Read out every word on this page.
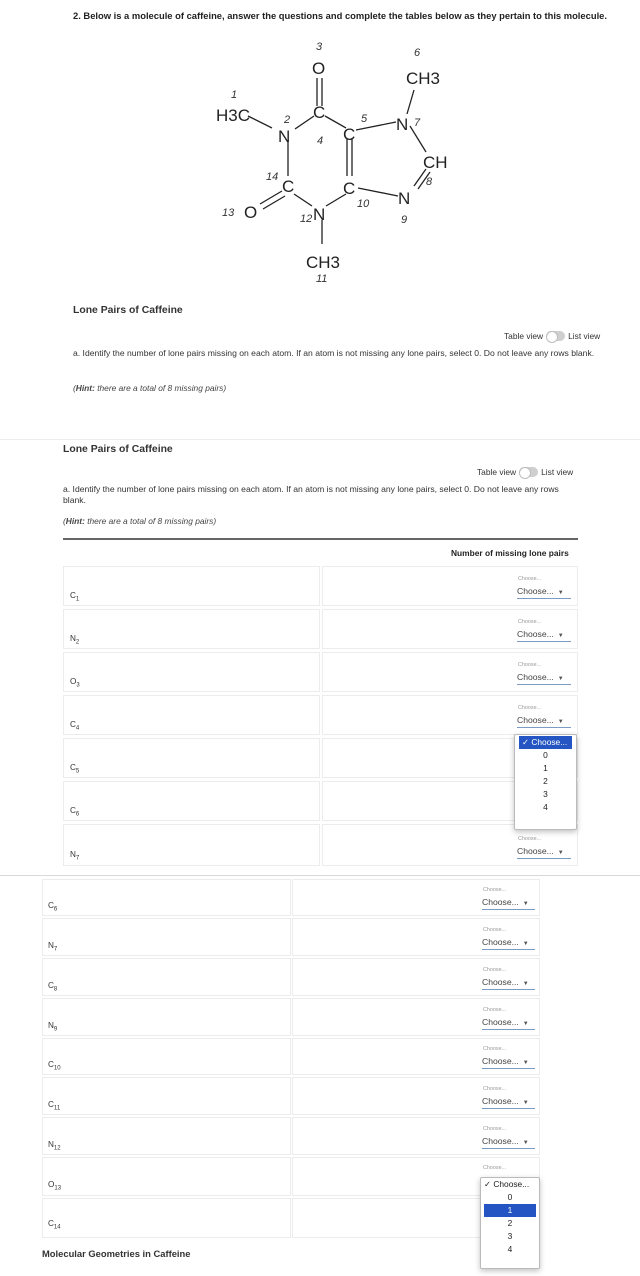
2. Below is a molecule of caffeine, answer the questions and complete the tables below as they pertain to this molecule.
H3C
N
C
O
C
N
CH3
CH
N
C
N
C
O
CH3
1
2
3
4
5
6
7
8
9
10
11
12
13
14
Lone Pairs of Caffeine
Table view	List view
a. Identify the number of lone pairs missing on each atom. If an atom is not missing any lone pairs, select 0. Do not leave any rows blank.
(Hint: there are a total of 8 missing pairs)
Lone Pairs of Caffeine
Table view	List view
a. Identify the number of lone pairs missing on each atom. If an atom is not missing any lone pairs, select 0. Do not leave any rows blank.
(Hint: there are a total of 8 missing pairs)
Number of missing lone pairs
$C_1$
Choose...
Choose... ▼
$N_2$
Choose...
Choose... ▼
$O_3$
Choose...
Choose... ▼
$C_4$
Choose...
Choose... ▼
$C_5$
$C_6$
$N_7$
Choose...
Choose... ▼
✓ Choose...
0
1
2
3
4
$C_6$
Choose...
Choose... ▼
$N_7$
Choose...
Choose... ▼
$C_8$
Choose...
Choose... ▼
$N_9$
Choose...
Choose... ▼
$C_{10}$
Choose...
Choose... ▼
$C_{11}$
Choose...
Choose... ▼
$N_{12}$
Choose...
Choose... ▼
$O_{13}$
Choose...
$C_{14}$
✓ Choose...
0
1
2
3
4
Molecular Geometries in Caffeine
